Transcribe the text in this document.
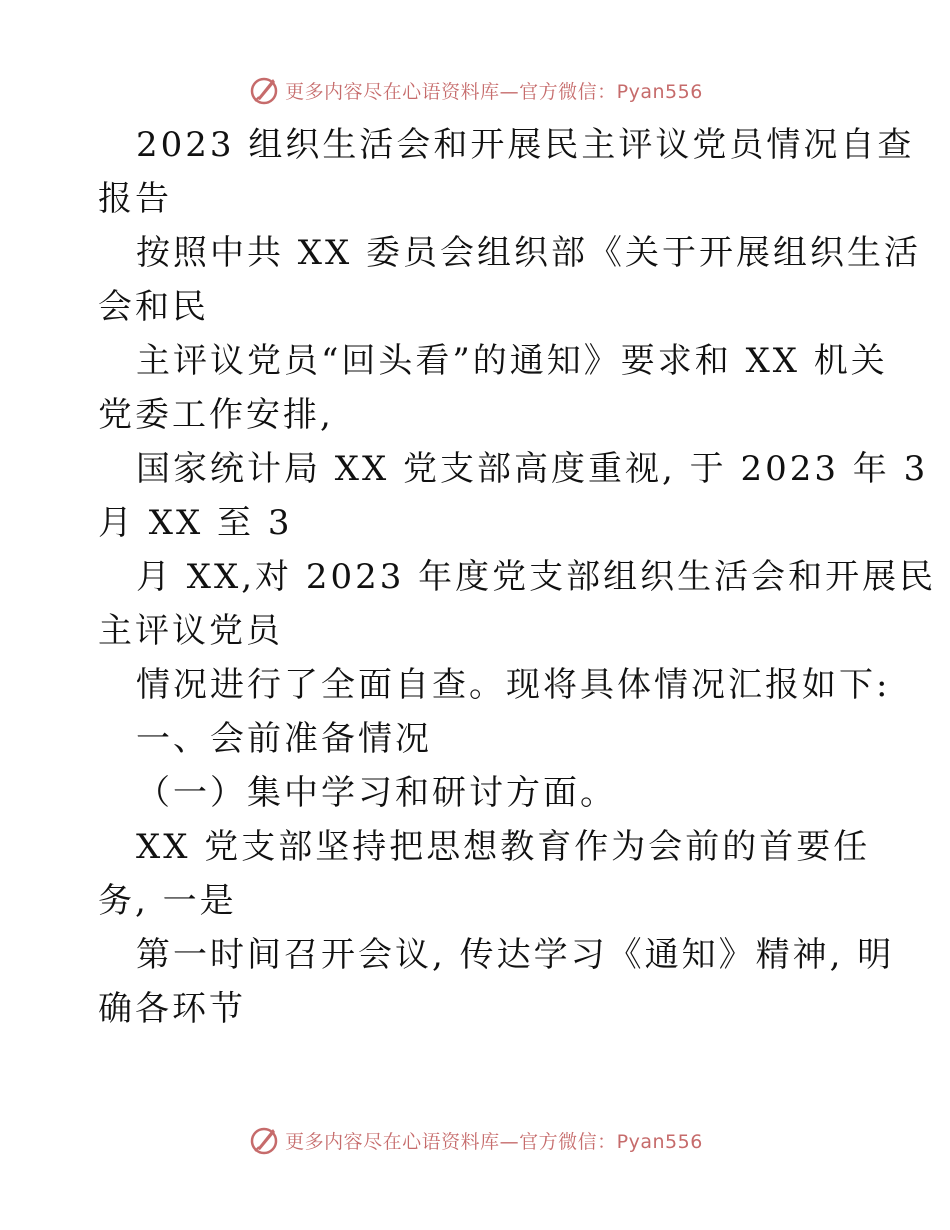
更多内容尽在心语资料库—官方微信：Pyan556
2023 组织生活会和开展民主评议党员情况自查
报告
按照中共 XX 委员会组织部《关于开展组织生活
会和民
主评议党员“回头看”的通知》要求和 XX 机关
党委工作安排,
国家统计局 XX 党支部高度重视, 于 2023 年 3
月 XX 至 3
月 XX,对 2023 年度党支部组织生活会和开展民
主评议党员
情况进行了全面自查。现将具体情况汇报如下:
一、会前准备情况
（一）集中学习和研讨方面。
XX 党支部坚持把思想教育作为会前的首要任
务, 一是
第一时间召开会议, 传达学习《通知》精神, 明
确各环节
更多内容尽在心语资料库—官方微信：Pyan556
